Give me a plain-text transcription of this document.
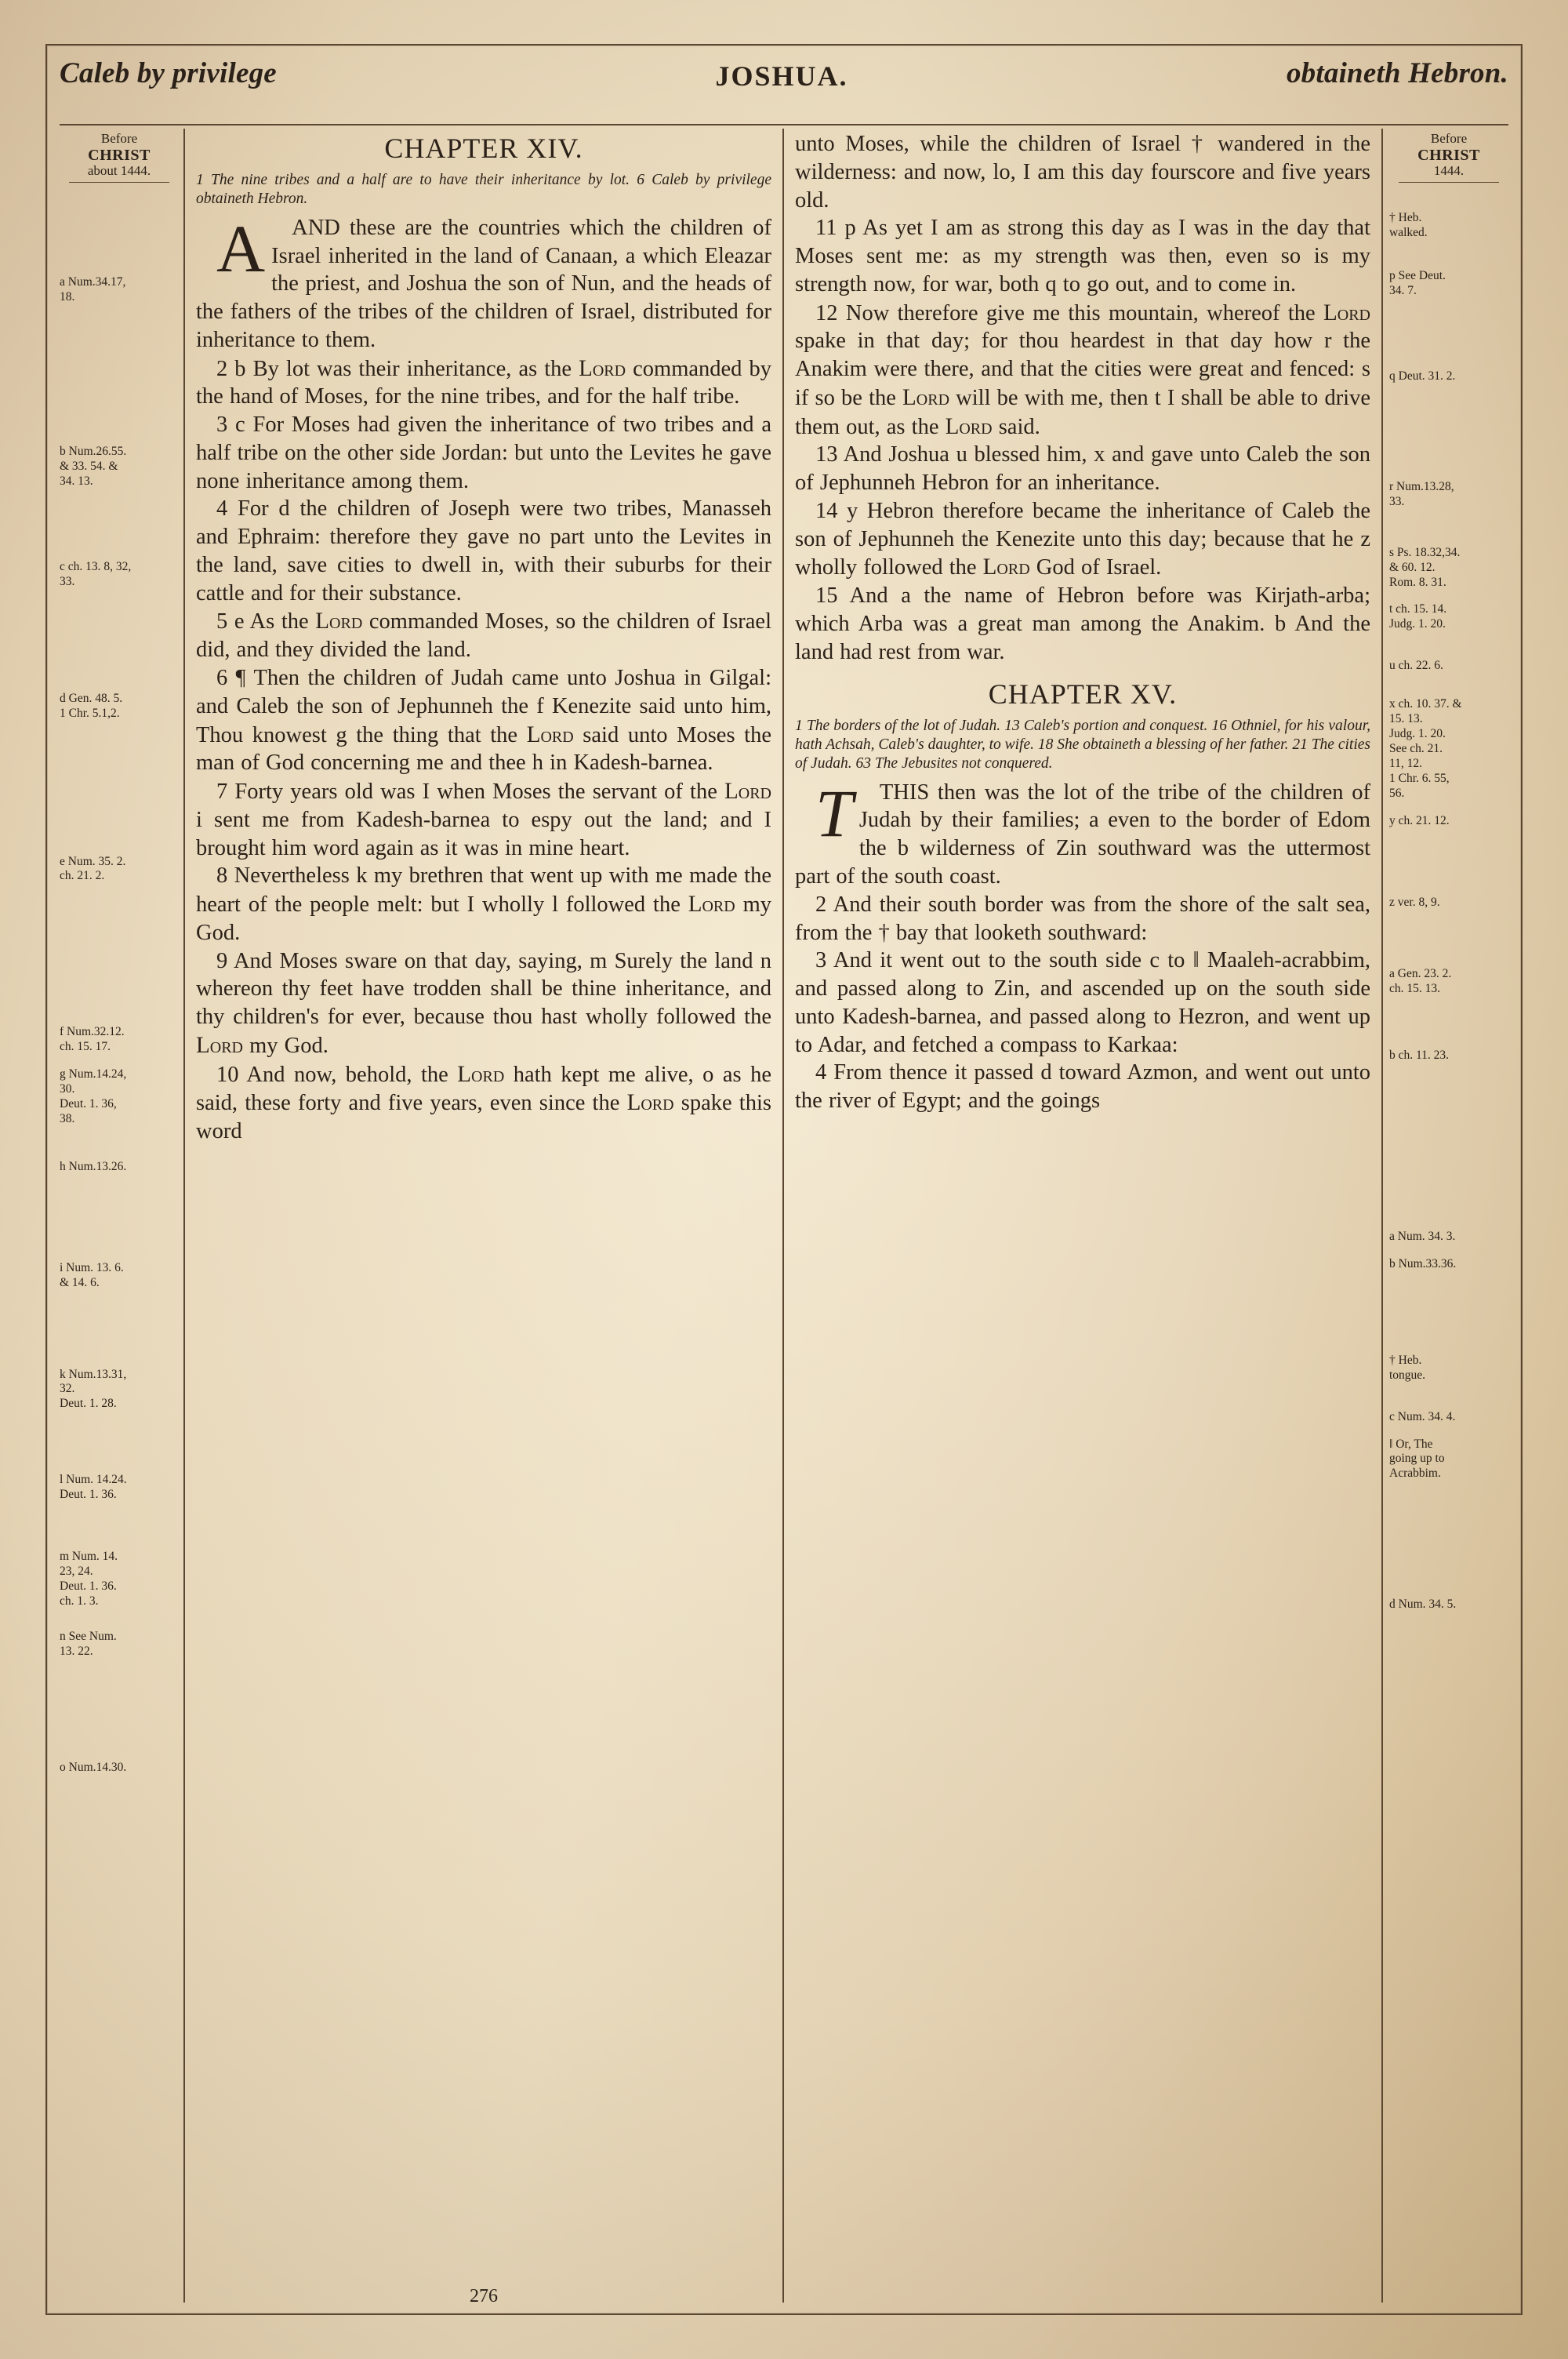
Caleb by privilege	JOSHUA.	obtaineth Hebron.
Before
CHRIST
about 1444.
a Num.34.17,
18.
b Num.26.55.
& 33. 54. &
34. 13.
c ch. 13. 8, 32,
33.
d Gen. 48. 5.
1 Chr. 5.1,2.
e Num. 35. 2.
ch. 21. 2.
f Num.32.12.
ch. 15. 17.
g Num.14.24,
30.
Deut. 1. 36,
38.
h Num.13.26.
i Num. 13. 6.
& 14. 6.
k Num.13.31,
32.
Deut. 1. 28.
l Num. 14.24.
Deut. 1. 36.
m Num. 14.
23, 24.
Deut. 1. 36.
ch. 1. 3.
n See Num.
13. 22.
o Num.14.30.
CHAPTER XIV.
1 The nine tribes and a half are to have their inheritance by lot. 6 Caleb by privilege obtaineth Hebron.

A AND these are the countries which the children of Israel inherited in the land of Canaan, a which Eleazar the priest, and Joshua the son of Nun, and the heads of the fathers of the tribes of the children of Israel, distributed for inheritance to them.

2 b By lot was their inheritance, as the Lord commanded by the hand of Moses, for the nine tribes, and for the half tribe.

3 c For Moses had given the inheritance of two tribes and a half tribe on the other side Jordan: but unto the Levites he gave none inheritance among them.

4 For d the children of Joseph were two tribes, Manasseh and Ephraim: therefore they gave no part unto the Levites in the land, save cities to dwell in, with their suburbs for their cattle and for their substance.

5 e As the Lord commanded Moses, so the children of Israel did, and they divided the land.

6 ¶ Then the children of Judah came unto Joshua in Gilgal: and Caleb the son of Jephunneh the f Kenezite said unto him, Thou knowest g the thing that the Lord said unto Moses the man of God concerning me and thee h in Kadesh-barnea.

7 Forty years old was I when Moses the servant of the Lord i sent me from Kadesh-barnea to espy out the land; and I brought him word again as it was in mine heart.

8 Nevertheless k my brethren that went up with me made the heart of the people melt: but I wholly l followed the Lord my God.

9 And Moses sware on that day, saying, m Surely the land n whereon thy feet have trodden shall be thine inheritance, and thy children's for ever, because thou hast wholly followed the Lord my God.

10 And now, behold, the Lord hath kept me alive, o as he said, these forty and five years, even since the Lord spake this word

276

unto Moses, while the children of Israel † wandered in the wilderness: and now, lo, I am this day fourscore and five years old.

11 p As yet I am as strong this day as I was in the day that Moses sent me: as my strength was then, even so is my strength now, for war, both q to go out, and to come in.

12 Now therefore give me this mountain, whereof the Lord spake in that day; for thou heardest in that day how r the Anakim were there, and that the cities were great and fenced: s if so be the Lord will be with me, then t I shall be able to drive them out, as the Lord said.

13 And Joshua u blessed him, x and gave unto Caleb the son of Jephunneh Hebron for an inheritance.

14 y Hebron therefore became the inheritance of Caleb the son of Jephunneh the Kenezite unto this day; because that he z wholly followed the Lord God of Israel.

15 And a the name of Hebron before was Kirjath-arba; which Arba was a great man among the Anakim. b And the land had rest from war.

CHAPTER XV.
1 The borders of the lot of Judah. 13 Caleb's portion and conquest. 16 Othniel, for his valour, hath Achsah, Caleb's daughter, to wife. 18 She obtaineth a blessing of her father. 21 The cities of Judah. 63 The Jebusites not conquered.

T THIS then was the lot of the tribe of the children of Judah by their families; a even to the border of Edom the b wilderness of Zin southward was the uttermost part of the south coast.

2 And their south border was from the shore of the salt sea, from the † bay that looketh southward:

3 And it went out to the south side c to ‖ Maaleh-acrabbim, and passed along to Zin, and ascended up on the south side unto Kadesh-barnea, and passed along to Hezron, and went up to Adar, and fetched a compass to Karkaa:

4 From thence it passed d toward Azmon, and went out unto the river of Egypt; and the goings

Before
CHRIST
1444.
† Heb.
walked.
p See Deut.
34. 7.
q Deut. 31. 2.
r Num.13.28,
33.
s Ps. 18.32,34.
& 60. 12.
Rom. 8. 31.
t ch. 15. 14.
Judg. 1. 20.
u ch. 22. 6.
x ch. 10. 37. &
15. 13.
Judg. 1. 20.
See ch. 21.
11, 12.
1 Chr. 6. 55,
56.
y ch. 21. 12.
z ver. 8, 9.
a Gen. 23. 2.
ch. 15. 13.
b ch. 11. 23.
a Num. 34. 3.
b Num.33.36.
† Heb.
tongue.
c Num. 34. 4.
‖ Or, The
going up to
Acrabbim.
d Num. 34. 5.
